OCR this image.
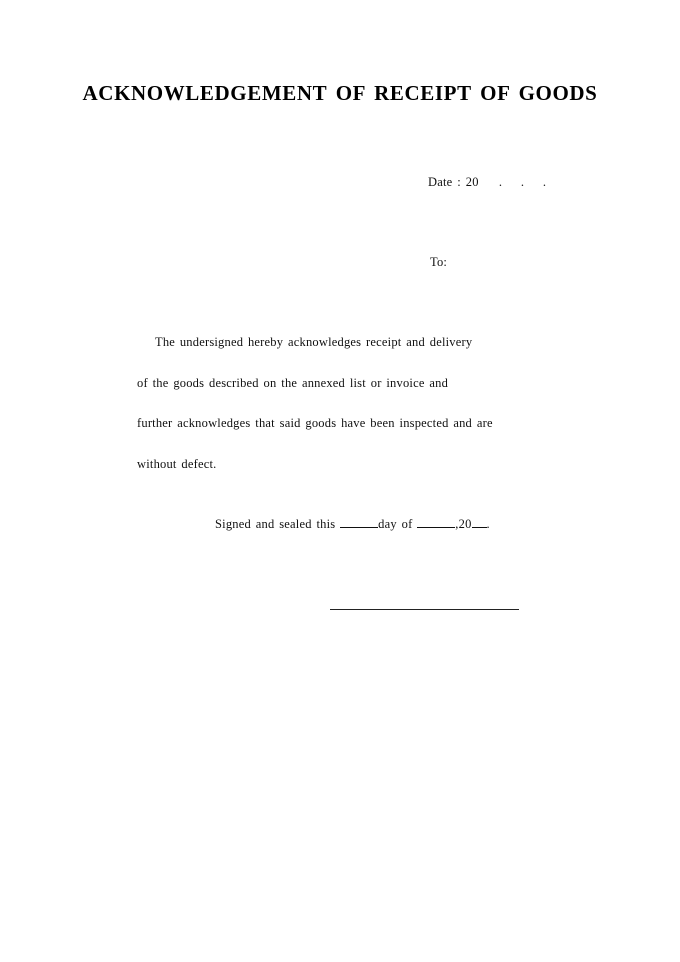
ACKNOWLEDGEMENT OF RECEIPT OF GOODS
Date : 20 . . .
To:
The undersigned hereby acknowledges receipt and delivery
of the goods described on the annexed list or invoice and
further acknowledges that said goods have been inspected and are
without defect.
Signed and sealed this	day of	,20 .
